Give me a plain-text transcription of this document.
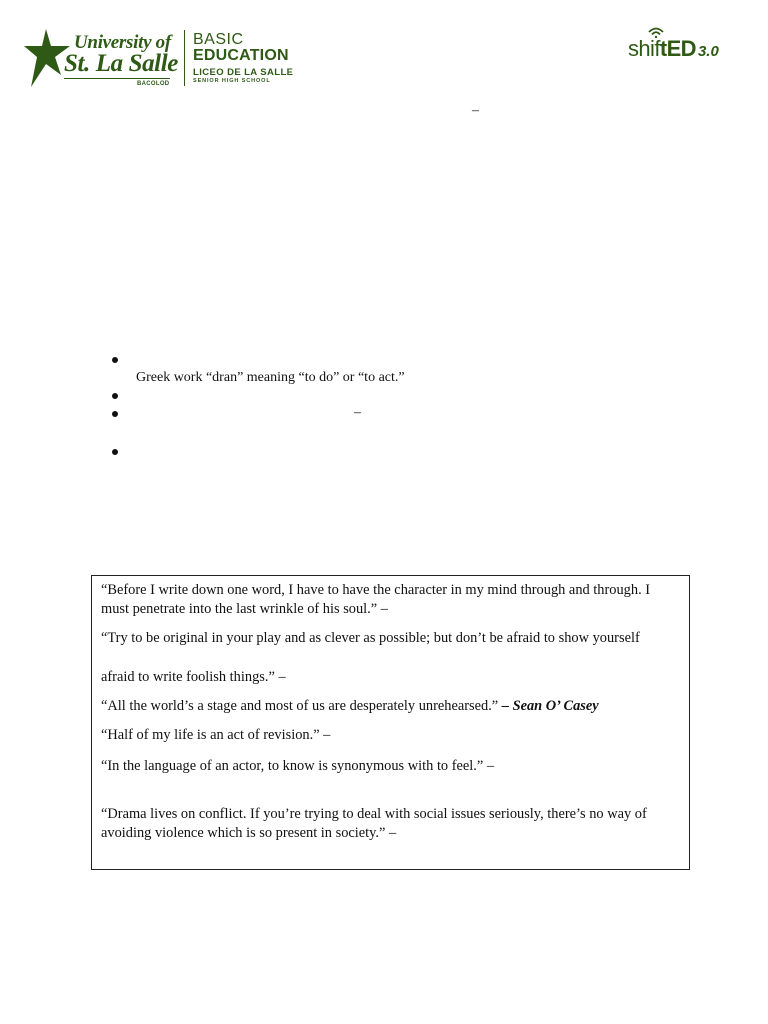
University of
St. La Salle
BACOLOD
BASIC
EDUCATION
LICEO DE LA SALLE
SENIOR HIGH SCHOOL
shiftED 3.0
–
Greek work “dran” meaning “to do” or “to act.”
–
“Before I write down one word, I have to have the character in my mind through and through. I must penetrate into the last wrinkle of his soul.” –
“Try to be original in your play and as clever as possible; but don’t be afraid to show yourself
afraid to write foolish things.” –
“All the world’s a stage and most of us are desperately unrehearsed.” – Sean O’ Casey
“Half of my life is an act of revision.” –
“In the language of an actor, to know is synonymous with to feel.” –
“Drama lives on conflict. If you’re trying to deal with social issues seriously, there’s no way of avoiding violence which is so present in society.” –
